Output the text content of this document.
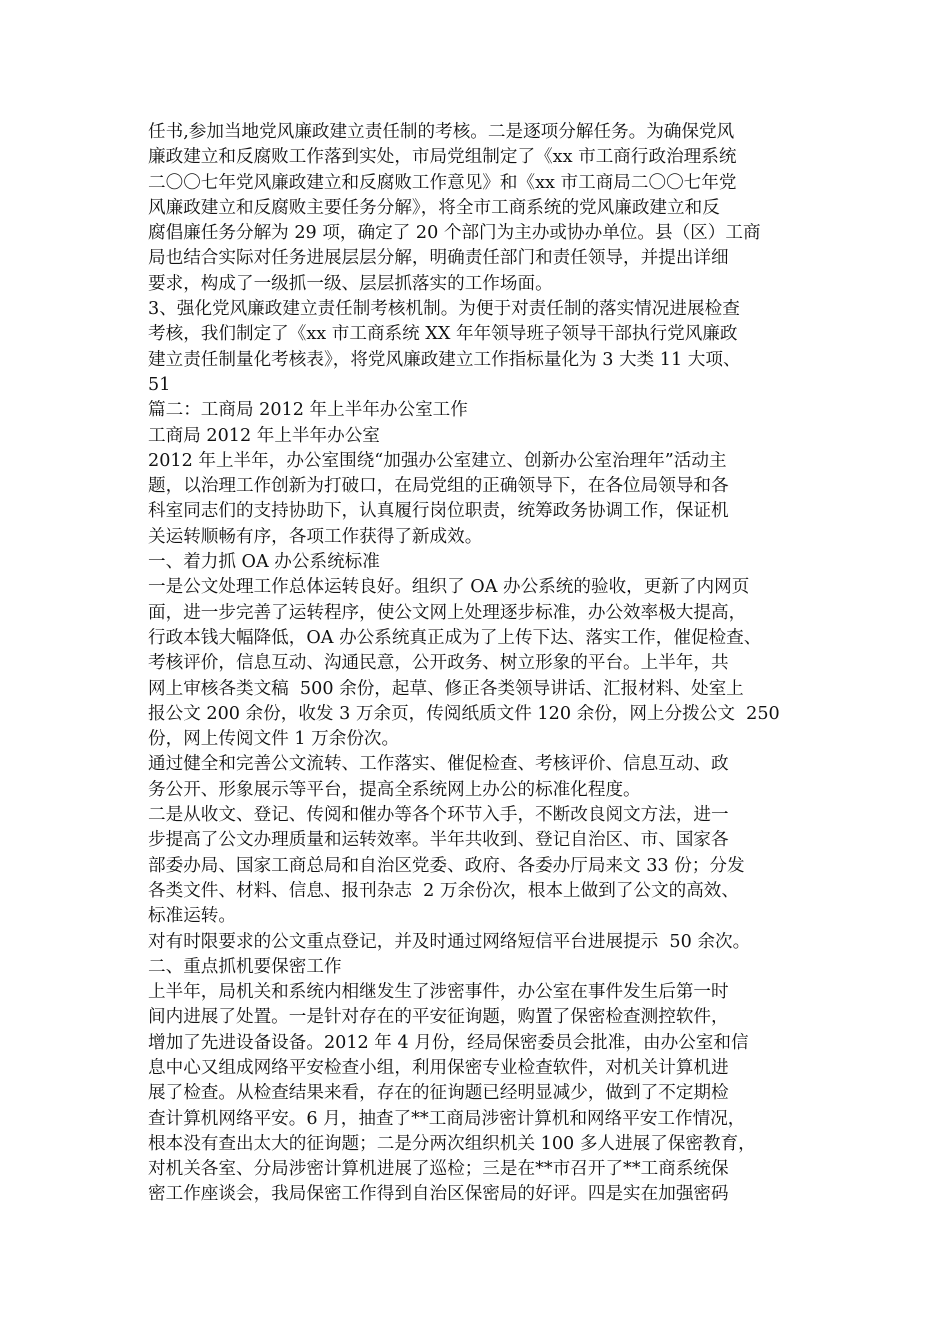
任书,参加当地党风廉政建立责任制的考核。二是逐项分解任务。为确保党风
廉政建立和反腐败工作落到实处，市局党组制定了《xx 市工商行政治理系统
二〇〇七年党风廉政建立和反腐败工作意见》和《xx 市工商局二〇〇七年党
风廉政建立和反腐败主要任务分解》，将全市工商系统的党风廉政建立和反
腐倡廉任务分解为 29 项，确定了 20 个部门为主办或协办单位。县（区）工商
局也结合实际对任务进展层层分解，明确责任部门和责任领导，并提出详细
要求，构成了一级抓一级、层层抓落实的工作场面。
3、强化党风廉政建立责任制考核机制。为便于对责任制的落实情况进展检查
考核，我们制定了《xx 市工商系统 XX 年年领导班子领导干部执行党风廉政
建立责任制量化考核表》，将党风廉政建立工作指标量化为 3 大类 11 大项、
51
篇二：工商局 2012 年上半年办公室工作
工商局 2012 年上半年办公室
2012 年上半年，办公室围绕“加强办公室建立、创新办公室治理年”活动主
题，以治理工作创新为打破口，在局党组的正确领导下，在各位局领导和各
科室同志们的支持协助下，认真履行岗位职责，统筹政务协调工作，保证机
关运转顺畅有序，各项工作获得了新成效。
一、着力抓 OA 办公系统标准
一是公文处理工作总体运转良好。组织了 OA 办公系统的验收，更新了内网页
面，进一步完善了运转程序，使公文网上处理逐步标准，办公效率极大提高，
行政本钱大幅降低，OA 办公系统真正成为了上传下达、落实工作，催促检查、
考核评价，信息互动、沟通民意，公开政务、树立形象的平台。上半年，共
网上审核各类文稿  500 余份，起草、修正各类领导讲话、汇报材料、处室上
报公文 200 余份，收发 3 万余页，传阅纸质文件 120 余份，网上分拨公文  250
份，网上传阅文件 1 万余份次。
通过健全和完善公文流转、工作落实、催促检查、考核评价、信息互动、政
务公开、形象展示等平台，提高全系统网上办公的标准化程度。
二是从收文、登记、传阅和催办等各个环节入手，不断改良阅文方法，进一
步提高了公文办理质量和运转效率。半年共收到、登记自治区、市、国家各
部委办局、国家工商总局和自治区党委、政府、各委办厅局来文 33 份；分发
各类文件、材料、信息、报刊杂志  2 万余份次，根本上做到了公文的高效、
标准运转。
对有时限要求的公文重点登记，并及时通过网络短信平台进展提示  50 余次。
二、重点抓机要保密工作
上半年，局机关和系统内相继发生了涉密事件，办公室在事件发生后第一时
间内进展了处置。一是针对存在的平安征询题，购置了保密检查测控软件，
增加了先进设备设备。2012 年 4 月份，经局保密委员会批准，由办公室和信
息中心又组成网络平安检查小组，利用保密专业检查软件，对机关计算机进
展了检查。从检查结果来看，存在的征询题已经明显减少，做到了不定期检
查计算机网络平安。6 月，抽查了**工商局涉密计算机和网络平安工作情况，
根本没有查出太大的征询题；二是分两次组织机关 100 多人进展了保密教育，
对机关各室、分局涉密计算机进展了巡检；三是在**市召开了**工商系统保
密工作座谈会，我局保密工作得到自治区保密局的好评。四是实在加强密码
